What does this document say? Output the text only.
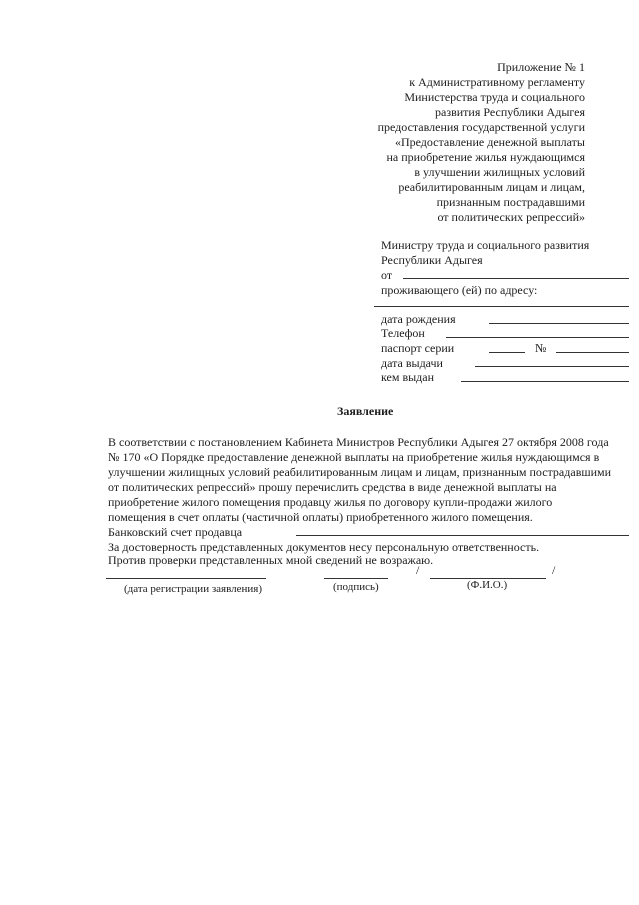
Приложение № 1
к Административному регламенту
Министерства труда и социального
развития Республики Адыгея
предоставления государственной услуги
«Предоставление денежной выплаты
на приобретение жилья нуждающимся
в улучшении жилищных условий
реабилитированным лицам и лицам,
признанным пострадавшими
от политических репрессий»
Министру труда и социального развития
Республики Адыгея
от
проживающего (ей) по адресу:
дата рождения
Телефон
паспорт серии	№
дата выдачи
кем выдан
Заявление
В соответствии с постановлением Кабинета Министров Республики Адыгея 27 октября 2008 года
№ 170 «О Порядке предоставление денежной выплаты на приобретение жилья нуждающимся в
улучшении жилищных условий реабилитированным лицам и лицам, признанным пострадавшими
от политических репрессий» прошу перечислить средства в виде денежной выплаты на
приобретение жилого помещения продавцу жилья по договору купли-продажи жилого
помещения в счет оплаты (частичной оплаты) приобретенного жилого помещения.
Банковский счет продавца
За достоверность представленных документов несу персональную ответственность.
Против проверки представленных мной сведений не возражаю.
/	/
(дата регистрации заявления)	(подпись)	(Ф.И.О.)
